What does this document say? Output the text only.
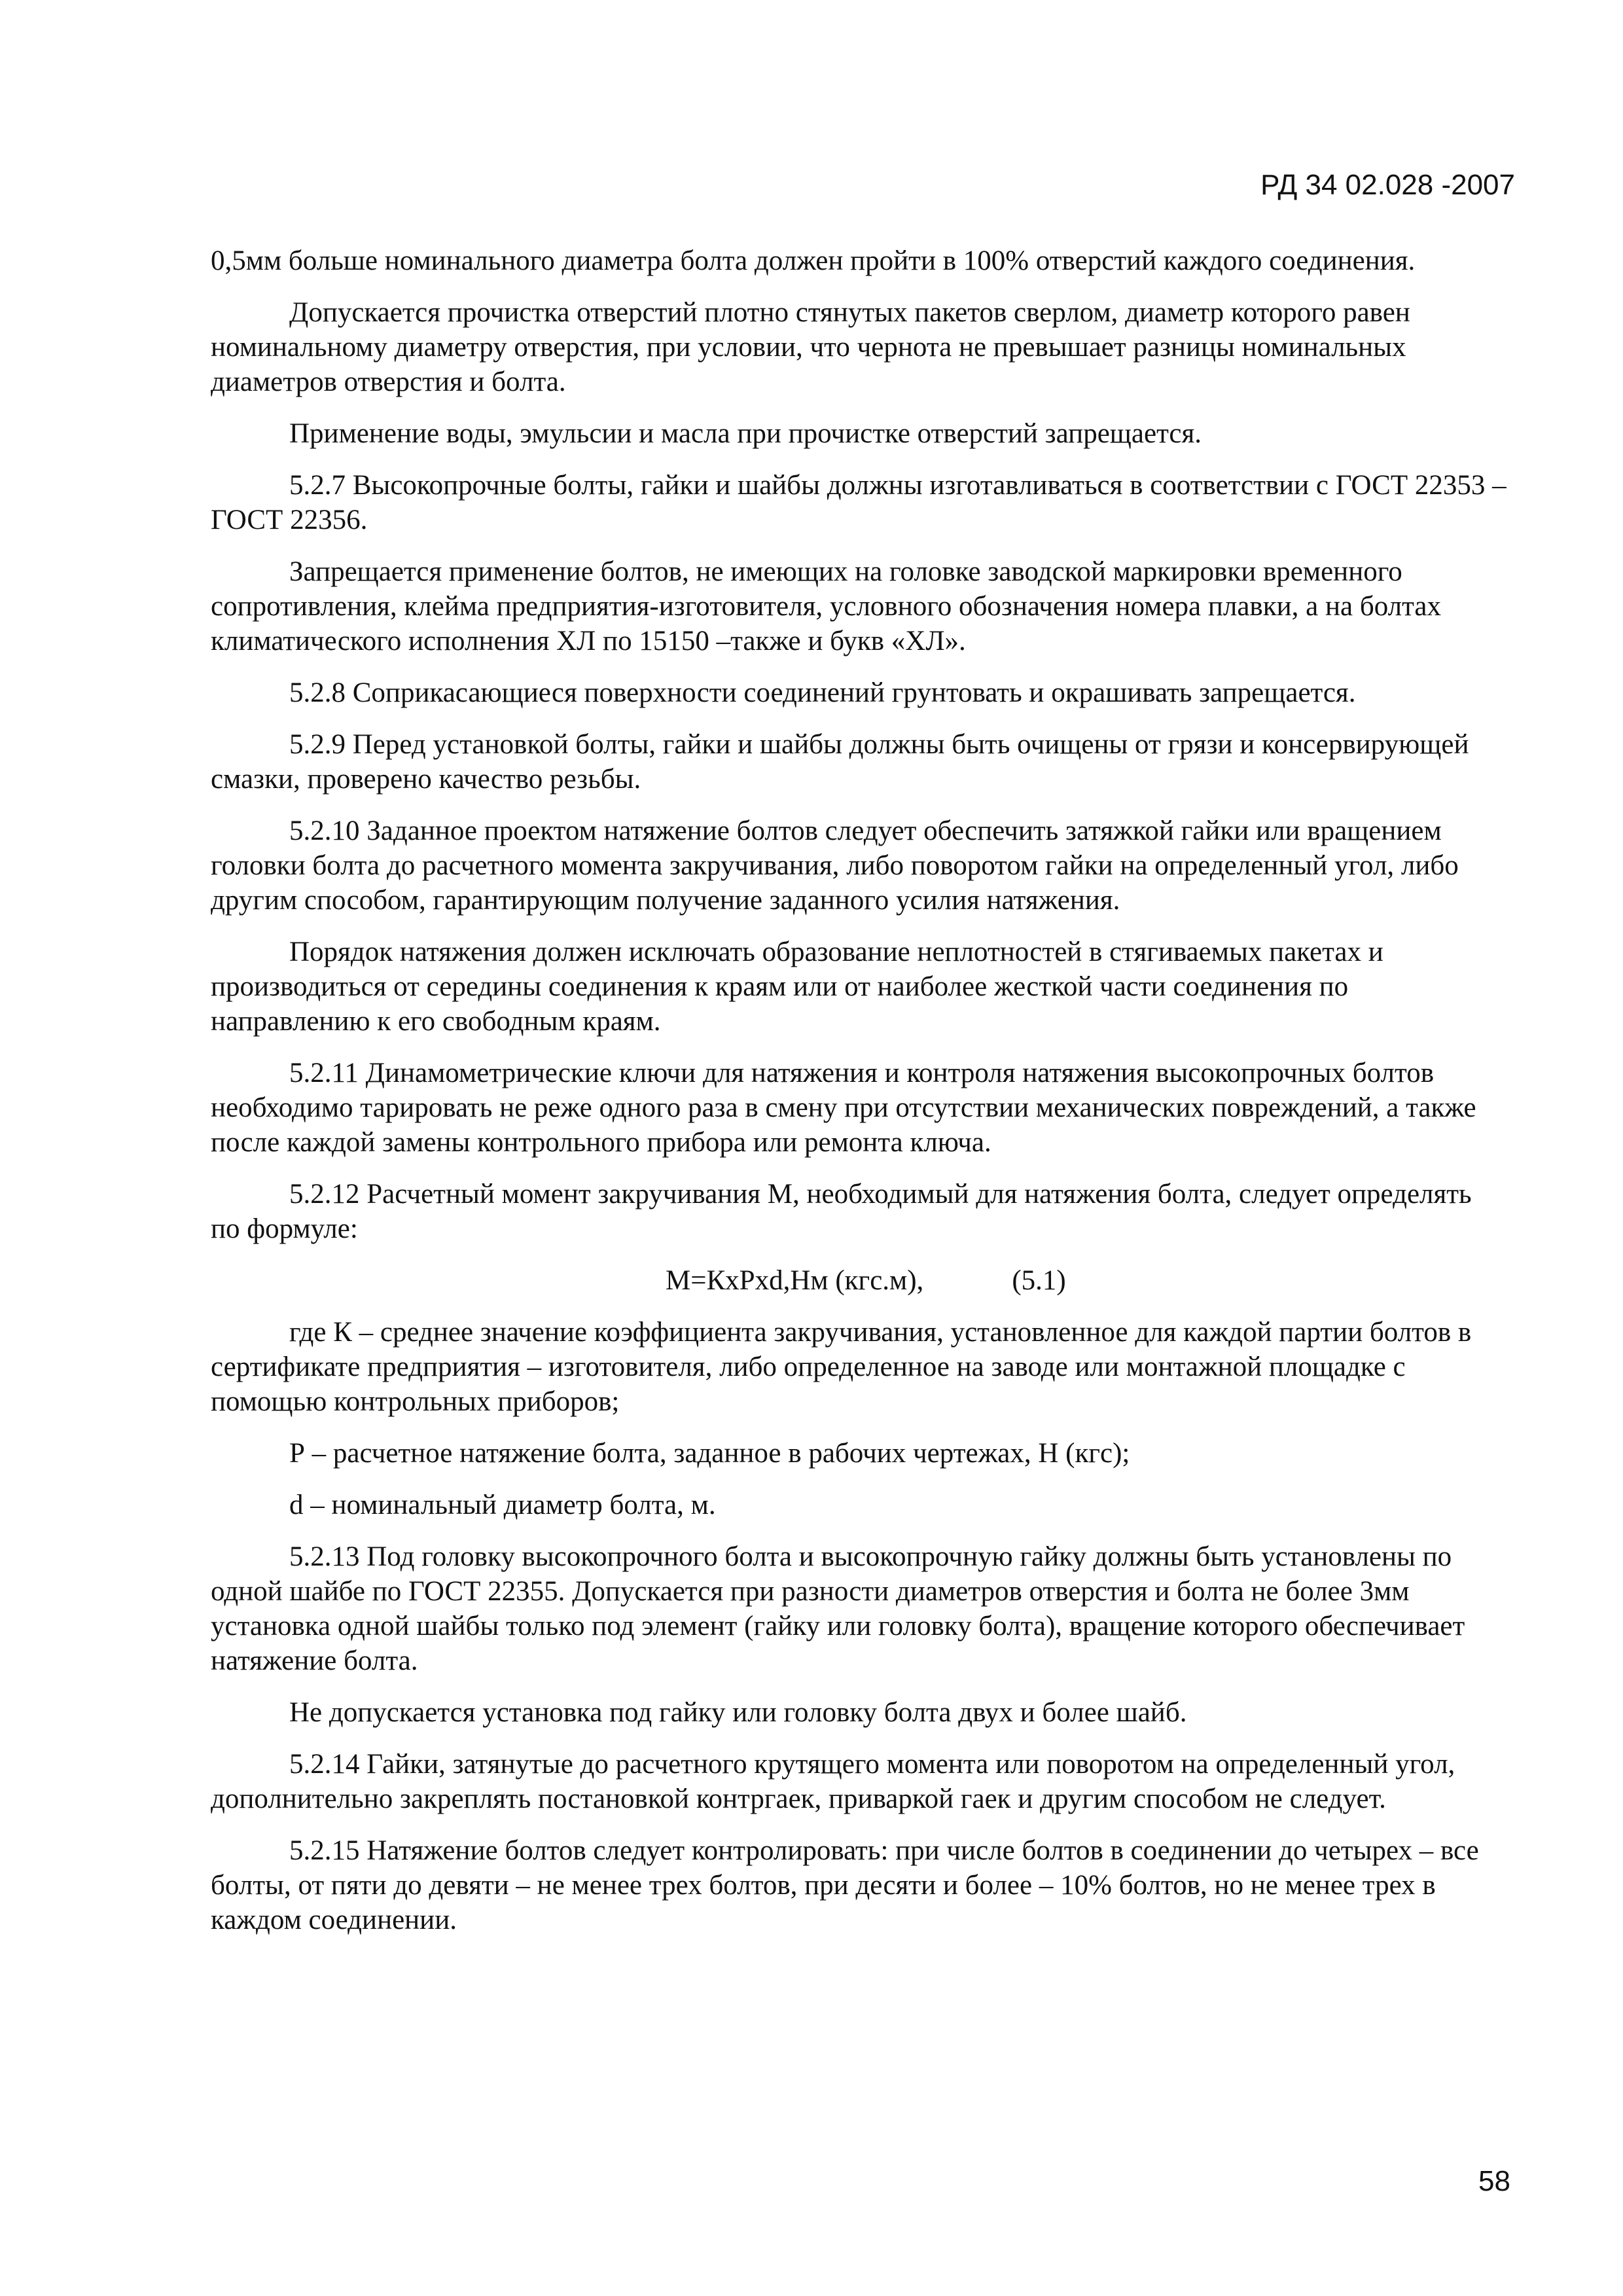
РД 34 02.028 -2007

0,5мм больше номинального диаметра болта должен пройти в 100% отверстий каждого соединения.

Допускается прочистка отверстий плотно стянутых пакетов сверлом, диаметр которого равен номинальному диаметру отверстия, при условии, что чернота не превышает разницы номинальных диаметров отверстия и болта.

Применение воды, эмульсии и масла при прочистке отверстий запрещается.

5.2.7 Высокопрочные болты, гайки и шайбы должны изготавливаться в соответствии с ГОСТ 22353 – ГОСТ 22356.

Запрещается применение болтов, не имеющих на головке заводской маркировки временного сопротивления, клейма предприятия-изготовителя, условного обозначения номера плавки, а на болтах климатического исполнения ХЛ по 15150 –также и букв «ХЛ».

5.2.8 Соприкасающиеся поверхности соединений грунтовать и окрашивать запрещается.

5.2.9 Перед установкой болты, гайки и шайбы должны быть очищены от грязи и консервирующей смазки, проверено качество резьбы.

5.2.10 Заданное проектом натяжение болтов следует обеспечить затяжкой гайки или вращением головки болта до расчетного момента закручивания, либо поворотом гайки на определенный угол, либо другим способом, гарантирующим получение заданного усилия натяжения.

Порядок натяжения должен исключать образование неплотностей в стягиваемых пакетах и производиться от середины соединения к краям или от наиболее жесткой части соединения по направлению к его свободным краям.

5.2.11 Динамометрические ключи для натяжения и контроля натяжения высокопрочных болтов необходимо тарировать не реже одного раза в смену при отсутствии механических повреждений, а также после каждой замены контрольного прибора или ремонта ключа.

5.2.12 Расчетный момент закручивания М, необходимый для натяжения болта, следует определять по формуле:

М=КхPxd,Нм (кгс.м),	(5.1)

где К – среднее значение коэффициента закручивания, установленное для каждой партии болтов в сертификате предприятия – изготовителя, либо определенное на заводе или монтажной площадке с помощью контрольных приборов;

Р – расчетное натяжение болта, заданное в рабочих чертежах, Н (кгс);

d – номинальный диаметр болта, м.

5.2.13 Под головку высокопрочного болта и высокопрочную гайку должны быть установлены по одной шайбе по ГОСТ 22355. Допускается при разности диаметров отверстия и болта не более 3мм установка одной шайбы только под элемент (гайку или головку болта), вращение которого обеспечивает натяжение болта.

Не допускается установка под гайку или головку болта двух и более шайб.

5.2.14 Гайки, затянутые до расчетного крутящего момента или поворотом на определенный угол, дополнительно закреплять постановкой контргаек, приваркой гаек и другим способом не следует.

5.2.15 Натяжение болтов следует контролировать: при числе болтов в соединении до четырех – все болты, от пяти до девяти – не менее трех болтов, при десяти и более – 10% болтов, но не менее трех в каждом соединении.

58
